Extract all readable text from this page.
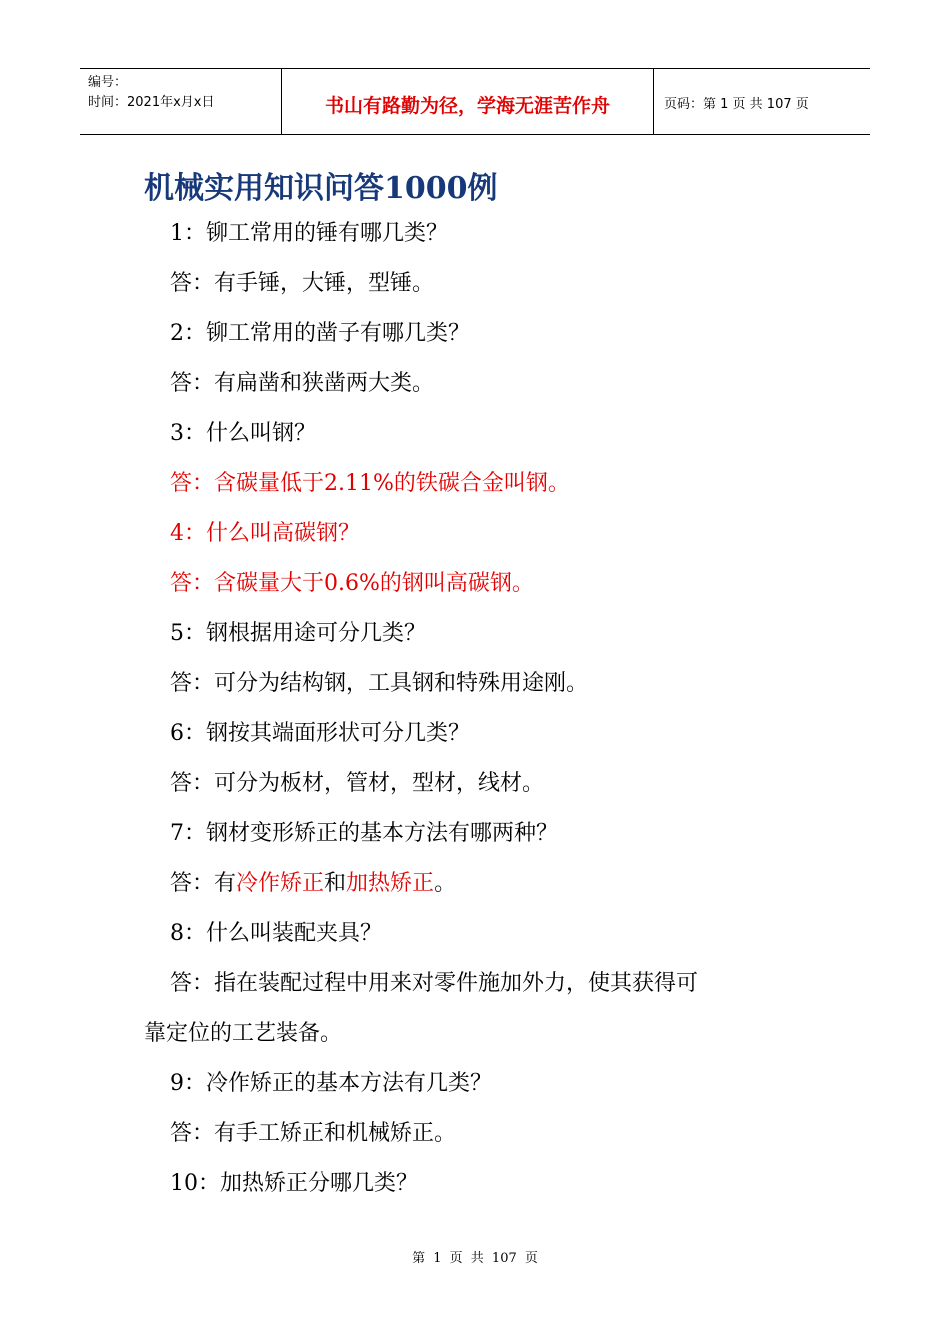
编号：
时间：2021年x月x日	书山有路勤为径，学海无涯苦作舟	页码：第 1 页 共 107 页
机械实用知识问答1000例
1：铆工常用的锤有哪几类？
答：有手锤，大锤，型锤。
2：铆工常用的凿子有哪几类？
答：有扁凿和狭凿两大类。
3：什么叫钢？
答：含碳量低于2.11%的铁碳合金叫钢。
4：什么叫高碳钢？
答：含碳量大于0.6%的钢叫高碳钢。
5：钢根据用途可分几类？
答：可分为结构钢，工具钢和特殊用途刚。
6：钢按其端面形状可分几类？
答：可分为板材，管材，型材，线材。
7：钢材变形矫正的基本方法有哪两种？
答：有冷作矫正和加热矫正。
8：什么叫装配夹具？
答：指在装配过程中用来对零件施加外力，使其获得可
靠定位的工艺装备。
9：冷作矫正的基本方法有几类？
答：有手工矫正和机械矫正。
10：加热矫正分哪几类？
第 1 页 共 107 页
